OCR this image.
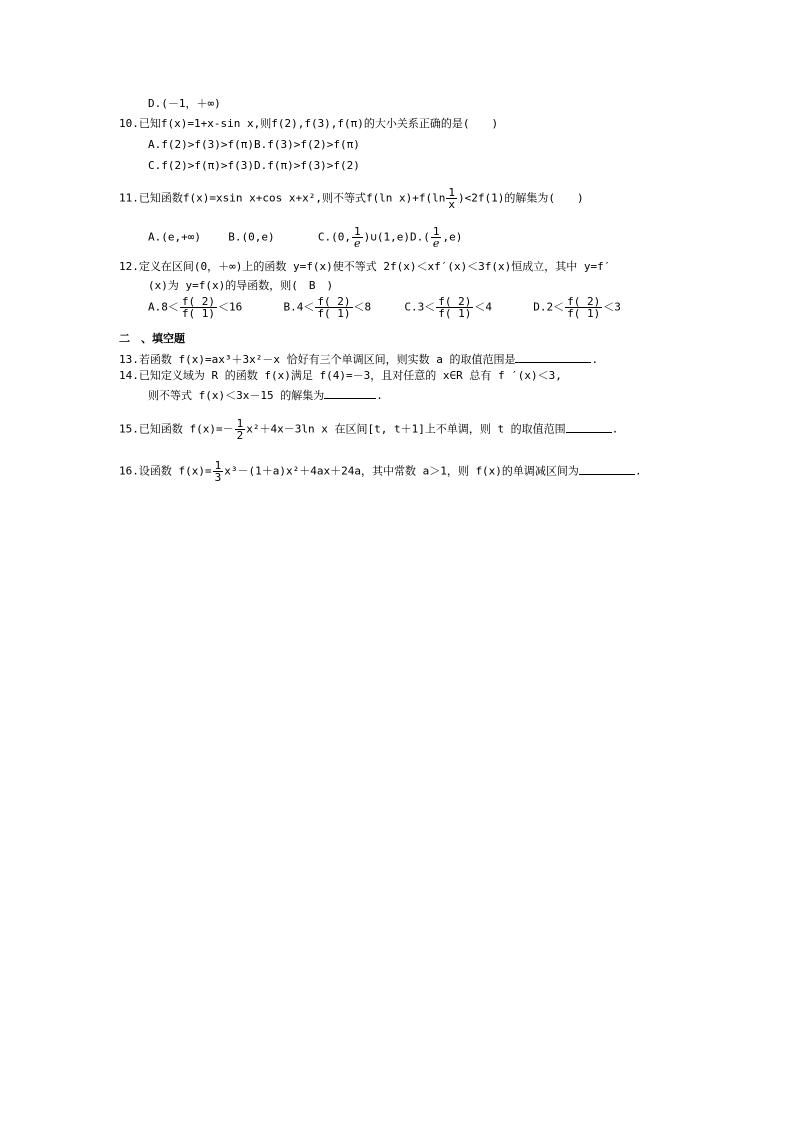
D.(－1，＋∞)
10.已知f(x)=1+x-sin x,则f(2),f(3),f(π)的大小关系正确的是(　　)
A.f(2)>f(3)>f(π)B.f(3)>f(2)>f(π)
C.f(2)>f(π)>f(3)D.f(π)>f(3)>f(2)
11.已知函数f(x)=xsin x+cos x+x²,则不等式f(ln $x)+f(\ln \frac{1}{x} )<2f(1)$的解集为(　　)
A.(e,+∞) B.(0,e)	C.(0, $\frac{1}{e}$ )∪(1,e)D.( $\frac{1}{e} ,e$)
12.定义在区间(0，＋∞)上的函数 y=f(x)使不等式 2f(x)＜xf′(x)＜3f(x)恒成立，其中 y=f′
(x)为 y=f(x)的导函数，则(　B　)
$A.8< \frac{f( 2)}{f( 1)} <16$	$B.4< \frac{f( 2)}{f( 1)} <8$	$C.3< \frac{f( 2)}{f( 1)} <4$	$D.2< \frac{f( 2)}{f( 1)} <3$
二　、填空题
13.若函数 f(x)=ax³＋3x²－x 恰好有三个单调区间，则实数 a 的取值范围是	.
14.已知定义域为 R 的函数 f(x)满足 f(4)=－3，且对任意的 x∈R 总有 f ′(x)＜3,
则不等式 f(x)＜3x－15 的解集为	.
15.已知函数 $f(x)=- \frac{1}{2} x^2+4x-3\ln$ x 在区间[t, t＋1]上不单调，则 t 的取值范围	.
16.设函数 $f(x)= \frac{1}{3} x^3-(1+a)x^2+4ax+24a$，其中常数 a＞1，则 f(x)的单调减区间为	.
